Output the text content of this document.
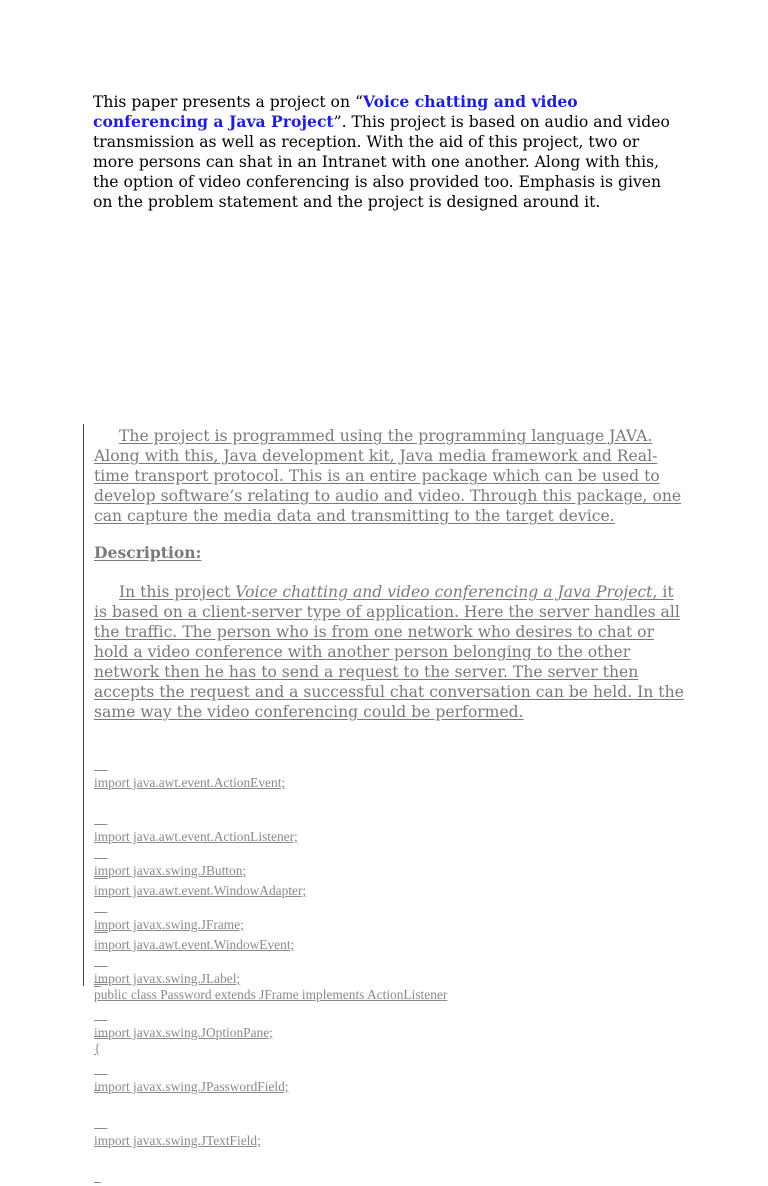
This paper presents a project on “Voice chatting and video conferencing a Java Project”. This project is based on audio and video transmission as well as reception. With the aid of this project, two or more persons can shat in an Intranet with one another. Along with this, the option of video conferencing is also provided too. Emphasis is given on the problem statement and the project is designed around it.

The project is programmed using the programming language JAVA. Along with this, Java development kit, Java media framework and Real-time transport protocol. This is an entire package which can be used to develop software’s relating to audio and video. Through this package, one can capture the media data and transmitting to the target device.

Description:

In this project Voice chatting and video conferencing a Java Project, it is based on a client-server type of application. Here the server handles all the traffic. The person who is from one network who desires to chat or hold a video conference with another person belonging to the other network then he has to send a request to the server. The server then accepts the request and a successful chat conversation can be held. In the same way the video conferencing could be performed.

import java.awt.event.ActionEvent;

import java.awt.event.ActionListener;

import java.awt.event.WindowAdapter;

import java.awt.event.WindowEvent;

import javax.swing.JButton;

import javax.swing.JFrame;

import javax.swing.JLabel;

import javax.swing.JOptionPane;

import javax.swing.JPasswordField;

import javax.swing.JTextField;

public class Password extends JFrame implements ActionListener

{
